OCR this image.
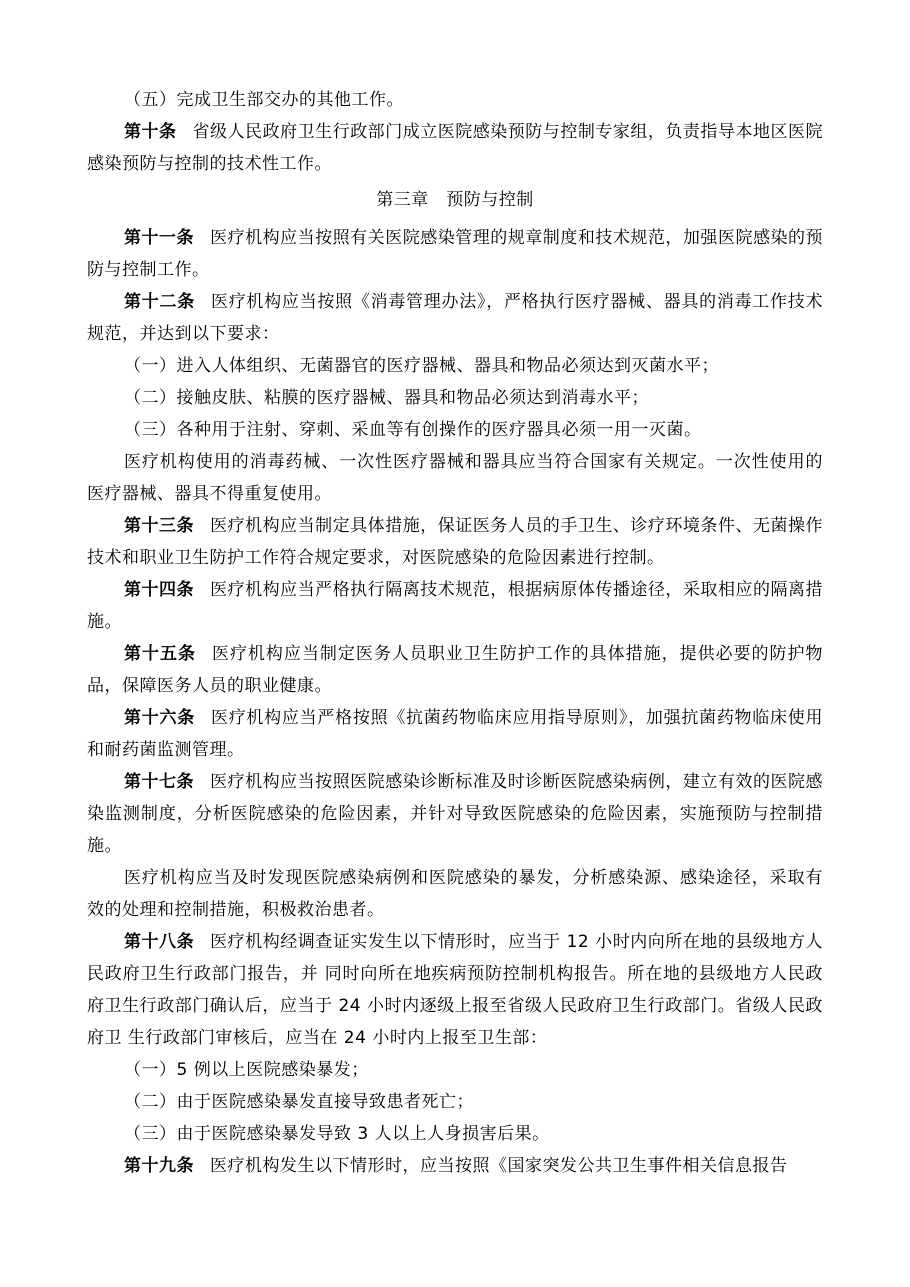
（五）完成卫生部交办的其他工作。

第十条 省级人民政府卫生行政部门成立医院感染预防与控制专家组，负责指导本地区医院感染预防与控制的技术性工作。

第三章　预防与控制

第十一条 医疗机构应当按照有关医院感染管理的规章制度和技术规范，加强医院感染的预防与控制工作。

第十二条 医疗机构应当按照《消毒管理办法》，严格执行医疗器械、器具的消毒工作技术规范，并达到以下要求：

（一）进入人体组织、无菌器官的医疗器械、器具和物品必须达到灭菌水平；

（二）接触皮肤、粘膜的医疗器械、器具和物品必须达到消毒水平；

（三）各种用于注射、穿刺、采血等有创操作的医疗器具必须一用一灭菌。

医疗机构使用的消毒药械、一次性医疗器械和器具应当符合国家有关规定。一次性使用的医疗器械、器具不得重复使用。

第十三条 医疗机构应当制定具体措施，保证医务人员的手卫生、诊疗环境条件、无菌操作技术和职业卫生防护工作符合规定要求，对医院感染的危险因素进行控制。

第十四条 医疗机构应当严格执行隔离技术规范，根据病原体传播途径，采取相应的隔离措施。

第十五条 医疗机构应当制定医务人员职业卫生防护工作的具体措施，提供必要的防护物品，保障医务人员的职业健康。

第十六条 医疗机构应当严格按照《抗菌药物临床应用指导原则》，加强抗菌药物临床使用和耐药菌监测管理。

第十七条 医疗机构应当按照医院感染诊断标准及时诊断医院感染病例，建立有效的医院感染监测制度，分析医院感染的危险因素，并针对导致医院感染的危险因素，实施预防与控制措施。

医疗机构应当及时发现医院感染病例和医院感染的暴发，分析感染源、感染途径，采取有效的处理和控制措施，积极救治患者。

第十八条 医疗机构经调查证实发生以下情形时，应当于 12 小时内向所在地的县级地方人民政府卫生行政部门报告，并 同时向所在地疾病预防控制机构报告。所在地的县级地方人民政府卫生行政部门确认后，应当于 24 小时内逐级上报至省级人民政府卫生行政部门。省级人民政府卫 生行政部门审核后，应当在 24 小时内上报至卫生部：

（一）5 例以上医院感染暴发；

（二）由于医院感染暴发直接导致患者死亡；

（三）由于医院感染暴发导致 3 人以上人身损害后果。

第十九条 医疗机构发生以下情形时，应当按照《国家突发公共卫生事件相关信息报告
